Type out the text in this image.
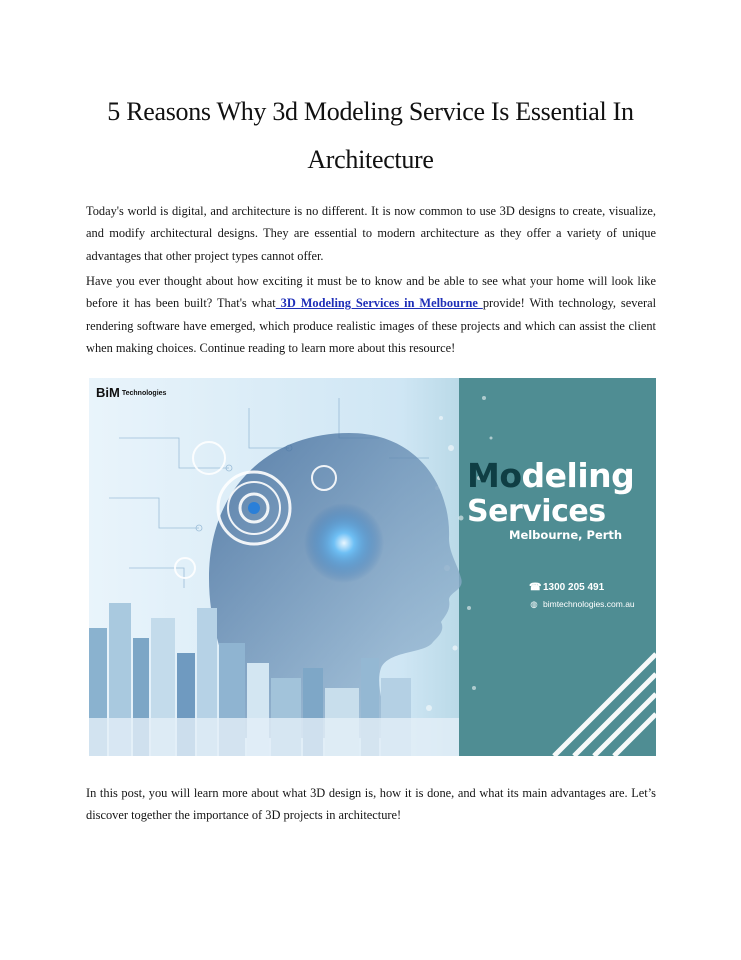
5 Reasons Why 3d Modeling Service Is Essential In
Architecture

Today's world is digital, and architecture is no different. It is now common to use 3D designs to create, visualize, and modify architectural designs. They are essential to modern architecture as they offer a variety of unique advantages that other project types cannot offer.

Have you ever thought about how exciting it must be to know and be able to see what your home will look like before it has been built? That's what 3D Modeling Services in Melbourne provide! With technology, several rendering software have emerged, which produce realistic images of these projects and which can assist the client when making choices. Continue reading to learn more about this resource!

BiM Technologies
Modeling
Services
Melbourne, Perth
☎ 1300 205 491
◍ bimtechnologies.com.au

In this post, you will learn more about what 3D design is, how it is done, and what its main advantages are. Let’s discover together the importance of 3D projects in architecture!
